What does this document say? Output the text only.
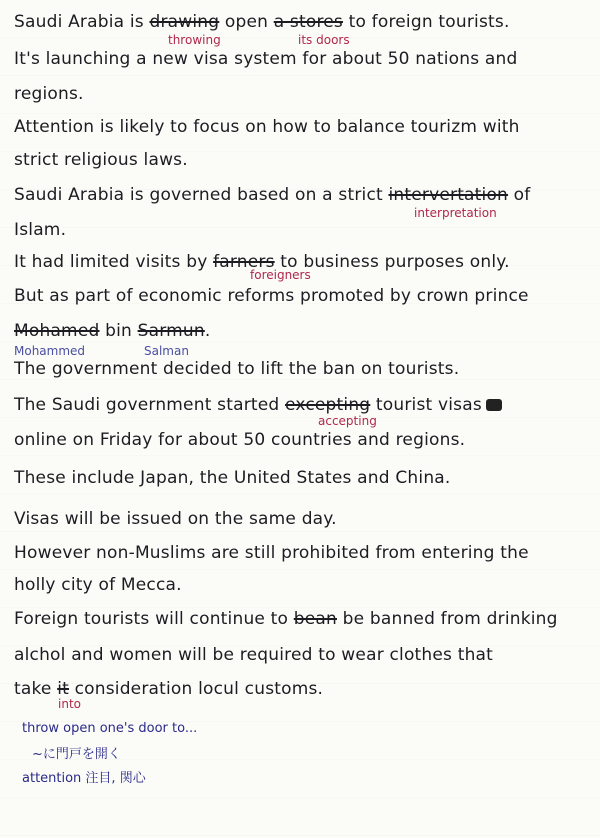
Saudi Arabia is drawing open a stores to foreign tourists.
throwing	its doors
It's launching a new visa system for about 50 nations and
regions.
Attention is likely to focus on how to balance tourizm with
strict religious laws.
Saudi Arabia is governed based on a strict intervertation of
interpretation
Islam.
It had limited visits by farners to business purposes only.
foreigners
But as part of economic reforms promoted by crown prince
Mohamed bin Sarmun.
Mohammed	Salman
The government decided to lift the ban on tourists.
The Saudi government started excepting tourist visas
accepting
online on Friday for about 50 countries and regions.
These include Japan, the United States and China.
Visas will be issued on the same day.
However non-Muslims are still prohibited from entering the
holly city of Mecca.
Foreign tourists will continue to bean be banned from drinking
alchol and women will be required to wear clothes that
take it consideration locul customs.
into
throw open one's door to...
~に門戸を開く
attention 注目, 関心
